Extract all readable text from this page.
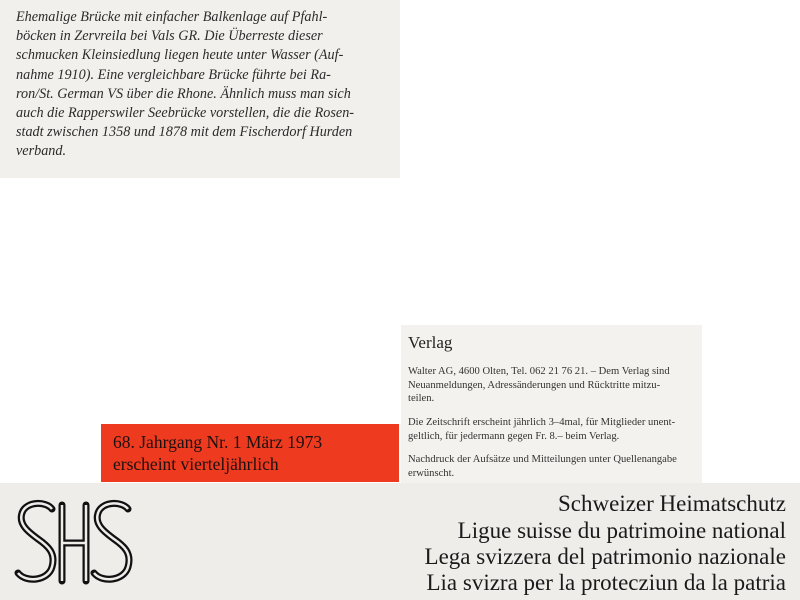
Ehemalige Brücke mit einfacher Balkenlage auf Pfahl-
böcken in Zervreila bei Vals GR. Die Überreste dieser
schmucken Kleinsiedlung liegen heute unter Wasser (Auf-
nahme 1910). Eine vergleichbare Brücke führte bei Ra-
ron/St. German VS über die Rhone. Ähnlich muss man sich
auch die Rapperswiler Seebrücke vorstellen, die die Rosen-
stadt zwischen 1358 und 1878 mit dem Fischerdorf Hurden
verband.
Verlag
Walter AG, 4600 Olten, Tel. 062 21 76 21. – Dem Verlag sind
Neuanmeldungen, Adressänderungen und Rücktritte mitzu-
teilen.
Die Zeitschrift erscheint jährlich 3–4mal, für Mitglieder unent-
geltlich, für jedermann gegen Fr. 8.– beim Verlag.
Nachdruck der Aufsätze und Mitteilungen unter Quellenangabe
erwünscht.
68. Jahrgang Nr. 1 März 1973
erscheint vierteljährlich
Schweizer Heimatschutz
Ligue suisse du patrimoine national
Lega svizzera del patrimonio nazionale
Lia svizra per la protecziun da la patria
